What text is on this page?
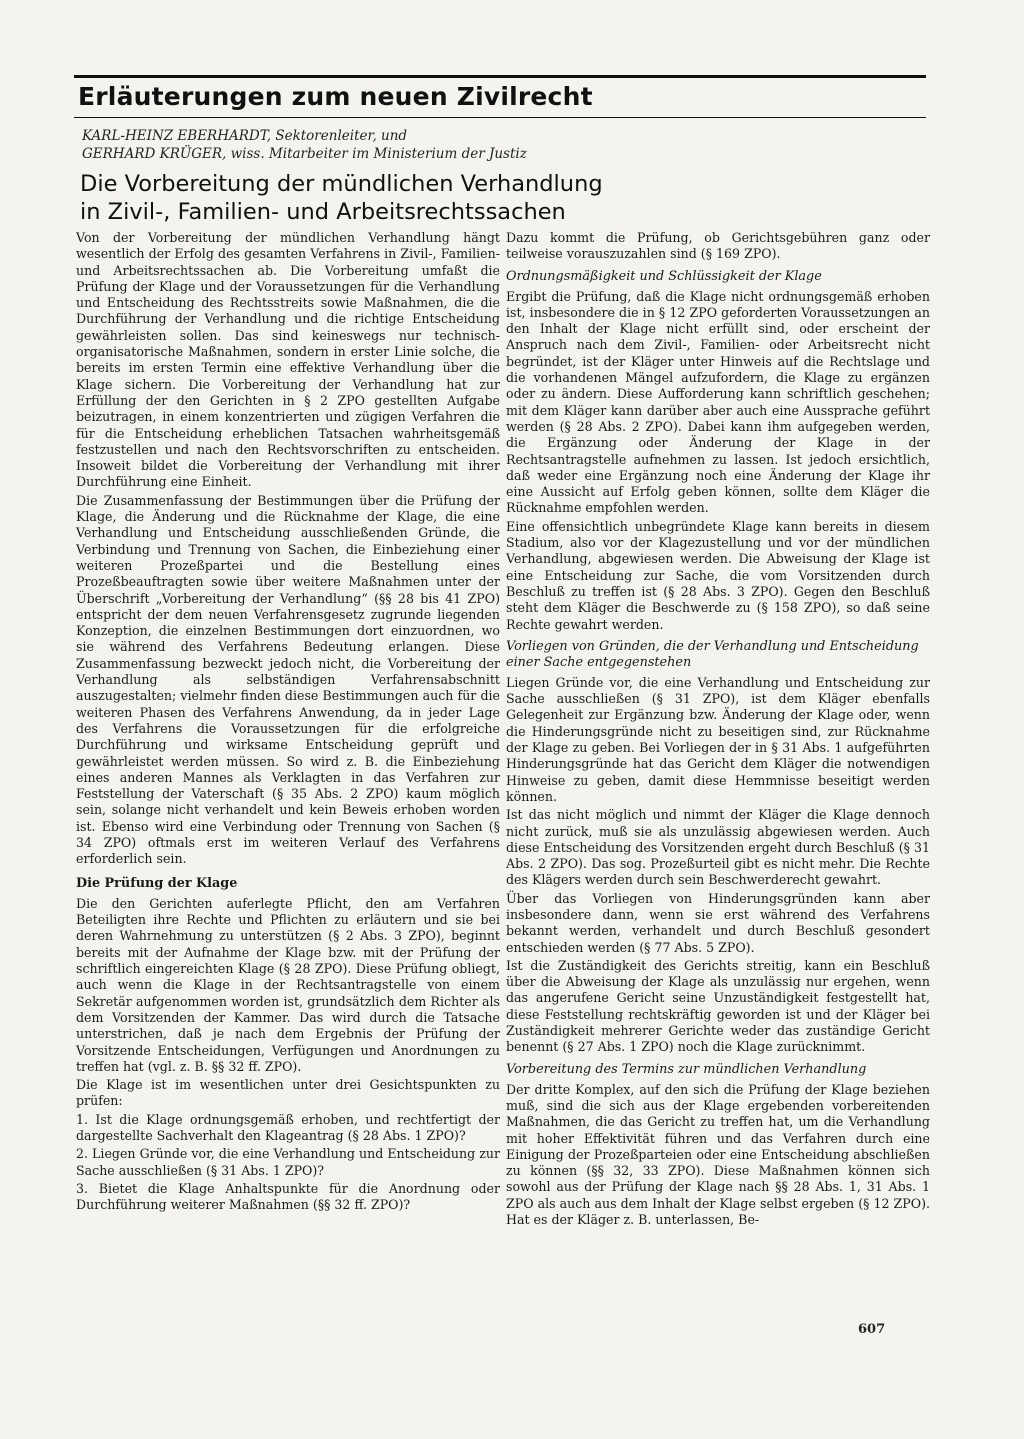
Erläuterungen zum neuen Zivilrecht
KARL-HEINZ EBERHARDT, Sektorenleiter, und
GERHARD KRÜGER, wiss. Mitarbeiter im Ministerium der Justiz
Die Vorbereitung der mündlichen Verhandlung
in Zivil-, Familien- und Arbeitsrechtssachen

Von der Vorbereitung der mündlichen Verhandlung hängt wesentlich der Erfolg des gesamten Verfahrens in Zivil-, Familien- und Arbeitsrechtssachen ab. Die Vorbereitung umfaßt die Prüfung der Klage und der Voraussetzungen für die Verhandlung und Entscheidung des Rechtsstreits sowie Maßnahmen, die die Durchführung der Verhandlung und die richtige Entscheidung gewährleisten sollen. Das sind keineswegs nur technisch-organisatorische Maßnahmen, sondern in erster Linie solche, die bereits im ersten Termin eine effektive Verhandlung über die Klage sichern. Die Vorbereitung der Verhandlung hat zur Erfüllung der den Gerichten in § 2 ZPO gestellten Aufgabe beizutragen, in einem konzentrierten und zügigen Verfahren die für die Entscheidung erheblichen Tatsachen wahrheitsgemäß festzustellen und nach den Rechtsvorschriften zu entscheiden. Insoweit bildet die Vorbereitung der Verhandlung mit ihrer Durchführung eine Einheit.

Die Zusammenfassung der Bestimmungen über die Prüfung der Klage, die Änderung und die Rücknahme der Klage, die eine Verhandlung und Entscheidung ausschließenden Gründe, die Verbindung und Trennung von Sachen, die Einbeziehung einer weiteren Prozeßpartei und die Bestellung eines Prozeßbeauftragten sowie über weitere Maßnahmen unter der Überschrift „Vorbereitung der Verhandlung“ (§§ 28 bis 41 ZPO) entspricht der dem neuen Verfahrensgesetz zugrunde liegenden Konzeption, die einzelnen Bestimmungen dort einzuordnen, wo sie während des Verfahrens Bedeutung erlangen. Diese Zusammenfassung bezweckt jedoch nicht, die Vorbereitung der Verhandlung als selbständigen Verfahrensabschnitt auszugestalten; vielmehr finden diese Bestimmungen auch für die weiteren Phasen des Verfahrens Anwendung, da in jeder Lage des Verfahrens die Voraussetzungen für die erfolgreiche Durchführung und wirksame Entscheidung geprüft und gewährleistet werden müssen. So wird z. B. die Einbeziehung eines anderen Mannes als Verklagten in das Verfahren zur Feststellung der Vaterschaft (§ 35 Abs. 2 ZPO) kaum möglich sein, solange nicht verhandelt und kein Beweis erhoben worden ist. Ebenso wird eine Verbindung oder Trennung von Sachen (§ 34 ZPO) oftmals erst im weiteren Verlauf des Verfahrens erforderlich sein.

Die Prüfung der Klage

Die den Gerichten auferlegte Pflicht, den am Verfahren Beteiligten ihre Rechte und Pflichten zu erläutern und sie bei deren Wahrnehmung zu unterstützen (§ 2 Abs. 3 ZPO), beginnt bereits mit der Aufnahme der Klage bzw. mit der Prüfung der schriftlich eingereichten Klage (§ 28 ZPO). Diese Prüfung obliegt, auch wenn die Klage in der Rechtsantragstelle von einem Sekretär aufgenommen worden ist, grundsätzlich dem Richter als dem Vorsitzenden der Kammer. Das wird durch die Tatsache unterstrichen, daß je nach dem Ergebnis der Prüfung der Vorsitzende Entscheidungen, Verfügungen und Anordnungen zu treffen hat (vgl. z. B. §§ 32 ff. ZPO).

Die Klage ist im wesentlichen unter drei Gesichtspunkten zu prüfen:

1. Ist die Klage ordnungsgemäß erhoben, und rechtfertigt der dargestellte Sachverhalt den Klageantrag (§ 28 Abs. 1 ZPO)?
2. Liegen Gründe vor, die eine Verhandlung und Entscheidung zur Sache ausschließen (§ 31 Abs. 1 ZPO)?
3. Bietet die Klage Anhaltspunkte für die Anordnung oder Durchführung weiterer Maßnahmen (§§ 32 ff. ZPO)?

Dazu kommt die Prüfung, ob Gerichtsgebühren ganz oder teilweise vorauszuzahlen sind (§ 169 ZPO).

Ordnungsmäßigkeit und Schlüssigkeit der Klage

Ergibt die Prüfung, daß die Klage nicht ordnungsgemäß erhoben ist, insbesondere die in § 12 ZPO geforderten Voraussetzungen an den Inhalt der Klage nicht erfüllt sind, oder erscheint der Anspruch nach dem Zivil-, Familien- oder Arbeitsrecht nicht begründet, ist der Kläger unter Hinweis auf die Rechtslage und die vorhandenen Mängel aufzufordern, die Klage zu ergänzen oder zu ändern. Diese Aufforderung kann schriftlich geschehen; mit dem Kläger kann darüber aber auch eine Aussprache geführt werden (§ 28 Abs. 2 ZPO). Dabei kann ihm aufgegeben werden, die Ergänzung oder Änderung der Klage in der Rechtsantragstelle aufnehmen zu lassen. Ist jedoch ersichtlich, daß weder eine Ergänzung noch eine Änderung der Klage ihr eine Aussicht auf Erfolg geben können, sollte dem Kläger die Rücknahme empfohlen werden.

Eine offensichtlich unbegründete Klage kann bereits in diesem Stadium, also vor der Klagezustellung und vor der mündlichen Verhandlung, abgewiesen werden. Die Abweisung der Klage ist eine Entscheidung zur Sache, die vom Vorsitzenden durch Beschluß zu treffen ist (§ 28 Abs. 3 ZPO). Gegen den Beschluß steht dem Kläger die Beschwerde zu (§ 158 ZPO), so daß seine Rechte gewahrt werden.

Vorliegen von Gründen, die der Verhandlung und Entscheidung einer Sache entgegenstehen

Liegen Gründe vor, die eine Verhandlung und Entscheidung zur Sache ausschließen (§ 31 ZPO), ist dem Kläger ebenfalls Gelegenheit zur Ergänzung bzw. Änderung der Klage oder, wenn die Hinderungsgründe nicht zu beseitigen sind, zur Rücknahme der Klage zu geben. Bei Vorliegen der in § 31 Abs. 1 aufgeführten Hinderungsgründe hat das Gericht dem Kläger die notwendigen Hinweise zu geben, damit diese Hemmnisse beseitigt werden können.

Ist das nicht möglich und nimmt der Kläger die Klage dennoch nicht zurück, muß sie als unzulässig abgewiesen werden. Auch diese Entscheidung des Vorsitzenden ergeht durch Beschluß (§ 31 Abs. 2 ZPO). Das sog. Prozeßurteil gibt es nicht mehr. Die Rechte des Klägers werden durch sein Beschwerderecht gewahrt.

Über das Vorliegen von Hinderungsgründen kann aber insbesondere dann, wenn sie erst während des Verfahrens bekannt werden, verhandelt und durch Beschluß gesondert entschieden werden (§ 77 Abs. 5 ZPO).

Ist die Zuständigkeit des Gerichts streitig, kann ein Beschluß über die Abweisung der Klage als unzulässig nur ergehen, wenn das angerufene Gericht seine Unzuständigkeit festgestellt hat, diese Feststellung rechtskräftig geworden ist und der Kläger bei Zuständigkeit mehrerer Gerichte weder das zuständige Gericht benennt (§ 27 Abs. 1 ZPO) noch die Klage zurücknimmt.

Vorbereitung des Termins zur mündlichen Verhandlung

Der dritte Komplex, auf den sich die Prüfung der Klage beziehen muß, sind die sich aus der Klage ergebenden vorbereitenden Maßnahmen, die das Gericht zu treffen hat, um die Verhandlung mit hoher Effektivität führen und das Verfahren durch eine Einigung der Prozeßparteien oder eine Entscheidung abschließen zu können (§§ 32, 33 ZPO). Diese Maßnahmen können sich sowohl aus der Prüfung der Klage nach §§ 28 Abs. 1, 31 Abs. 1 ZPO als auch aus dem Inhalt der Klage selbst ergeben (§ 12 ZPO). Hat es der Kläger z. B. unterlassen, Be-

607
